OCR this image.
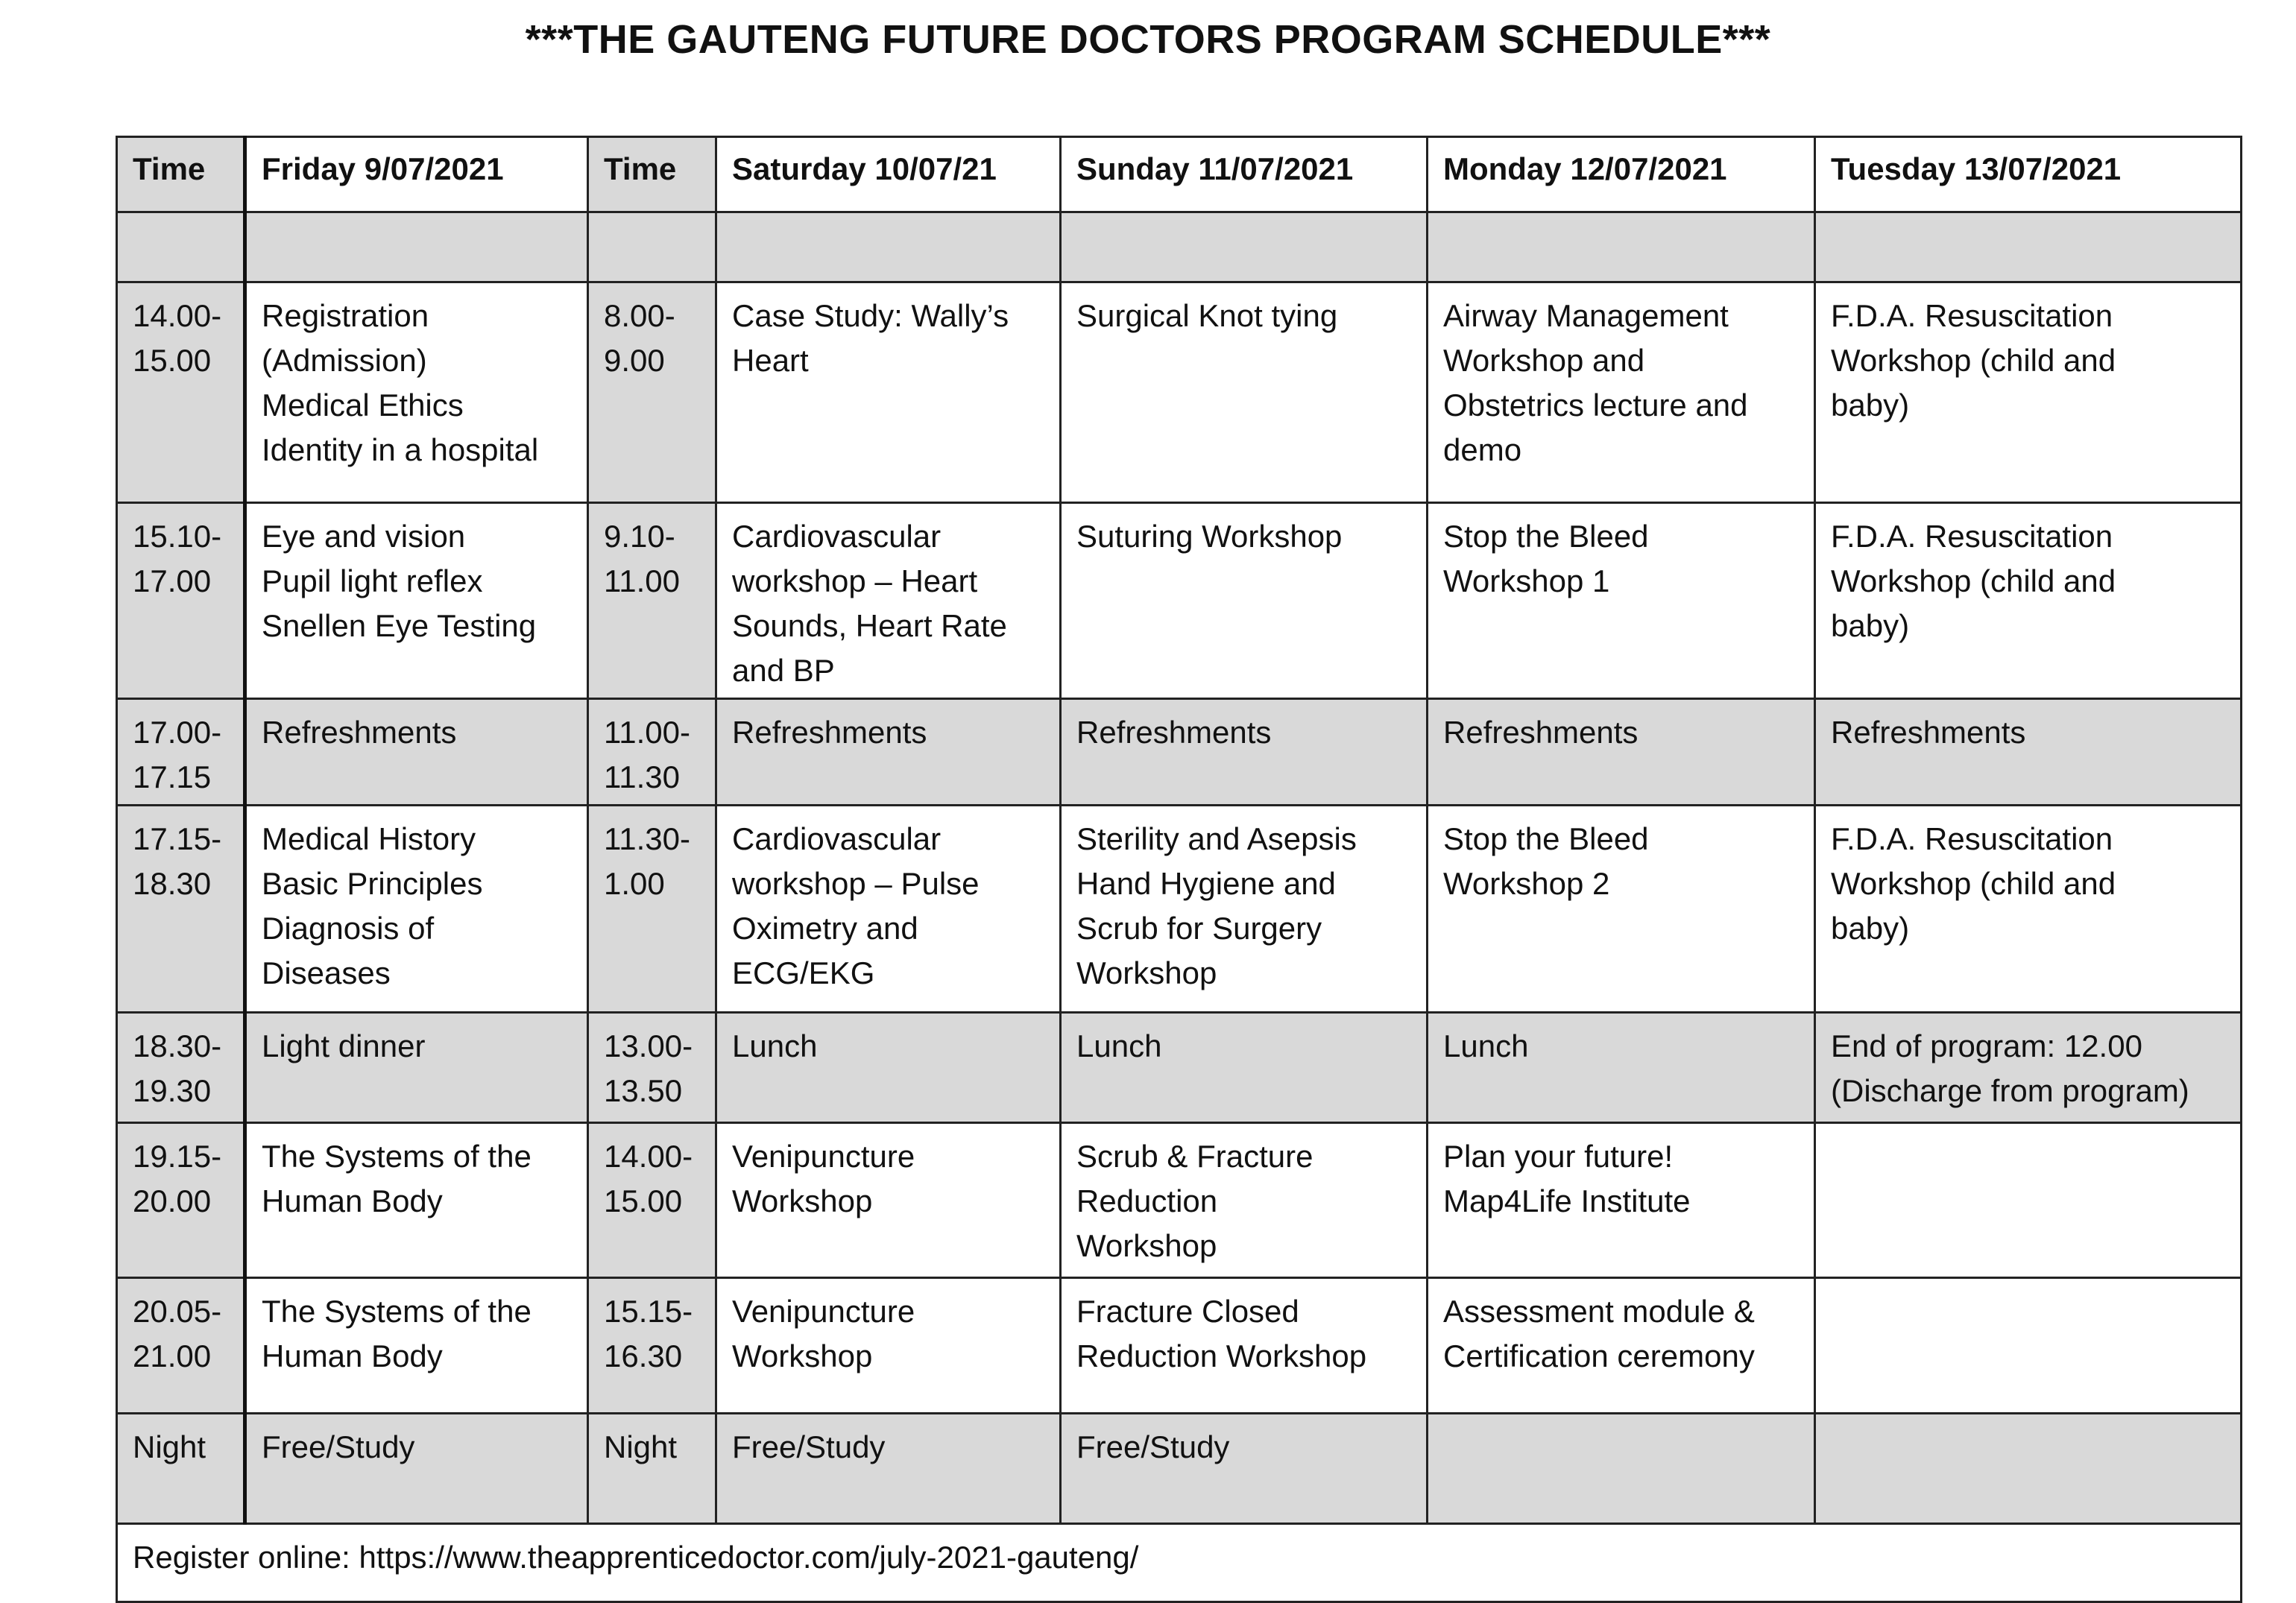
***THE GAUTENG FUTURE DOCTORS PROGRAM SCHEDULE***
Time	Friday 9/07/2021	Time	Saturday 10/07/21	Sunday 11/07/2021	Monday 12/07/2021	Tuesday 13/07/2021

14.00-
15.00	Registration
(Admission)
Medical Ethics
Identity in a hospital	8.00-
9.00	Case Study: Wally’s
Heart	Surgical Knot tying	Airway Management
Workshop and
Obstetrics lecture and
demo	F.D.A. Resuscitation
Workshop (child and
baby)
15.10-
17.00	Eye and vision
Pupil light reflex
Snellen Eye Testing	9.10-
11.00	Cardiovascular
workshop – Heart
Sounds, Heart Rate
and BP	Suturing Workshop	Stop the Bleed
Workshop 1	F.D.A. Resuscitation
Workshop (child and
baby)
17.00-
17.15	Refreshments	11.00-
11.30	Refreshments	Refreshments	Refreshments	Refreshments
17.15-
18.30	Medical History
Basic Principles
Diagnosis of
Diseases	11.30-
1.00	Cardiovascular
workshop – Pulse
Oximetry and
ECG/EKG	Sterility and Asepsis
Hand Hygiene and
Scrub for Surgery
Workshop	Stop the Bleed
Workshop 2	F.D.A. Resuscitation
Workshop (child and
baby)
18.30-
19.30	Light dinner	13.00-
13.50	Lunch	Lunch	Lunch	End of program: 12.00
(Discharge from program)
19.15-
20.00	The Systems of the
Human Body	14.00-
15.00	Venipuncture
Workshop	Scrub & Fracture
Reduction
Workshop	Plan your future!
Map4Life Institute	
20.05-
21.00	The Systems of the
Human Body	15.15-
16.30	Venipuncture
Workshop	Fracture Closed
Reduction Workshop	Assessment module &
Certification ceremony	
Night	Free/Study	Night	Free/Study	Free/Study		
Register online: https://www.theapprenticedoctor.com/july-2021-gauteng/						
